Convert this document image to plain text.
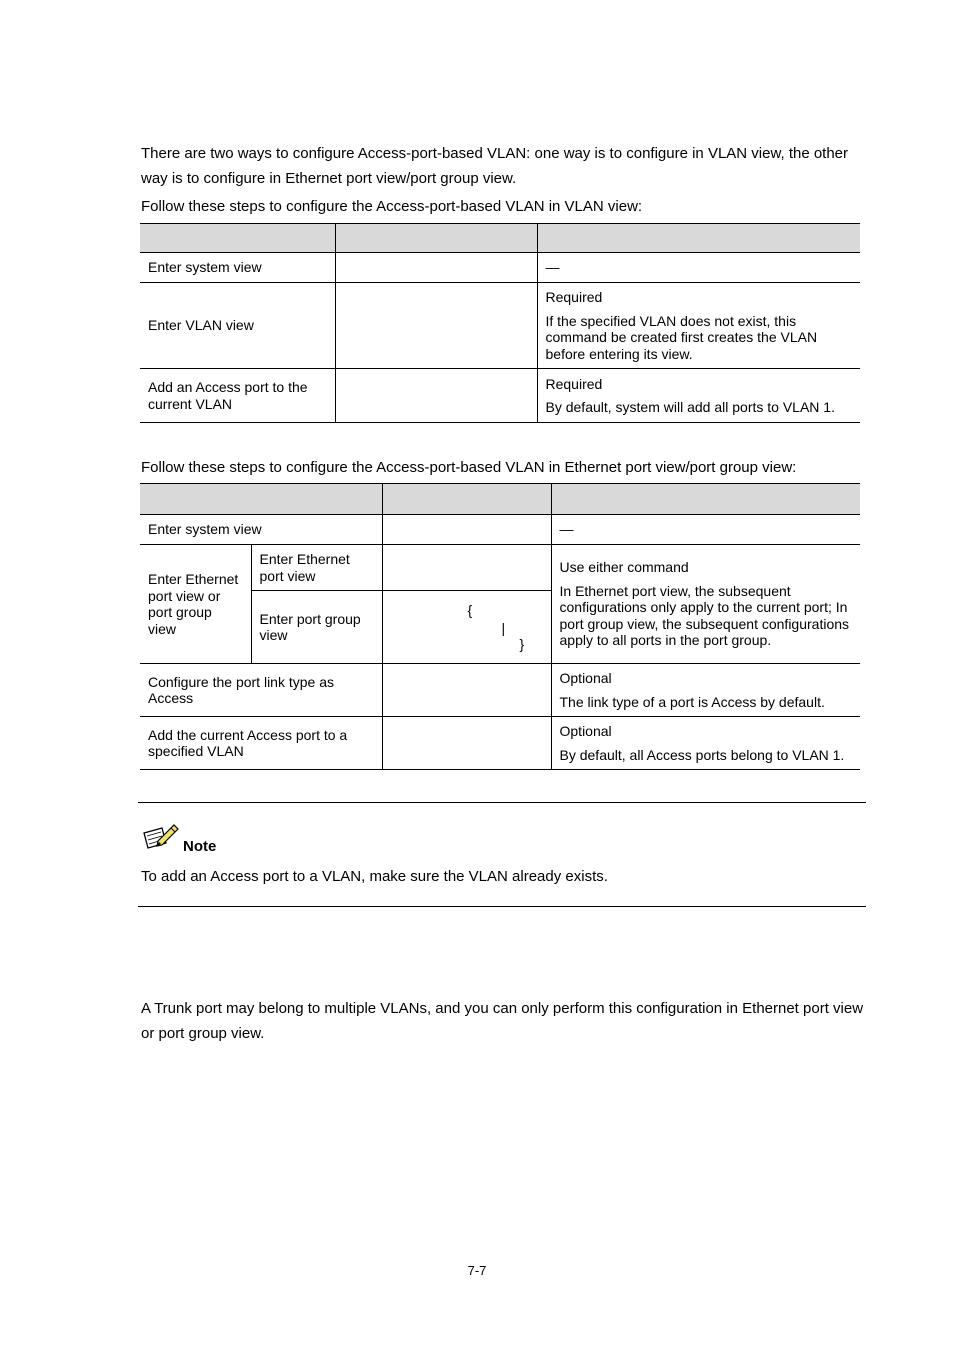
There are two ways to configure Access-port-based VLAN: one way is to configure in VLAN view, the other way is to configure in Ethernet port view/port group view.

Follow these steps to configure the Access-port-based VLAN in VLAN view:

Enter system view		—
Enter VLAN view		Required
If the specified VLAN does not exist, this command be created first creates the VLAN before entering its view.

Add an Access port to the current VLAN		Required
By default, system will add all ports to VLAN 1.

Follow these steps to configure the Access-port-based VLAN in Ethernet port view/port group view:

Enter system view			—
Enter Ethernet port view or port group view	Enter Ethernet port view		Use either command
In Ethernet port view, the subsequent configurations only apply to the current port; In port group view, the subsequent configurations apply to all ports in the port group.

	Enter port group view	{
|
}	

Configure the port link type as Access			Optional
The link type of a port is Access by default.

Add the current Access port to a specified VLAN			Optional
By default, all Access ports belong to VLAN 1.
Note

To add an Access port to a VLAN, make sure the VLAN already exists.

A Trunk port may belong to multiple VLANs, and you can only perform this configuration in Ethernet port view or port group view.

7-7
